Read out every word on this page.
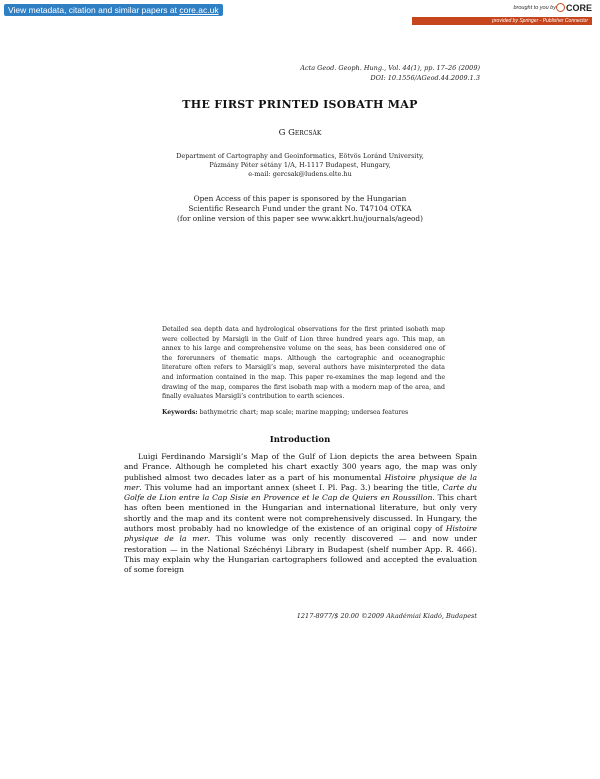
View metadata, citation and similar papers at core.ac.uk	brought to you by	CORE
provided by Springer - Publisher Connector
Acta Geod. Geoph. Hung., Vol. 44(1), pp. 17–26 (2009)
DOI: 10.1556/AGeod.44.2009.1.3
THE FIRST PRINTED ISOBATH MAP
G Gercsák
Department of Cartography and Geoinformatics, Eötvös Loránd University,
Pázmány Péter sétány 1/A, H-1117 Budapest, Hungary,
e-mail: gercsak@ludens.elte.hu
Open Access of this paper is sponsored by the Hungarian
Scientific Research Fund under the grant No. T47104 OTKA
(for online version of this paper see www.akkrt.hu/journals/ageod)
Detailed sea depth data and hydrological observations for the first printed isobath map were collected by Marsigli in the Gulf of Lion three hundred years ago. This map, an annex to his large and comprehensive volume on the seas, has been considered one of the forerunners of thematic maps. Although the cartographic and oceanographic literature often refers to Marsigli’s map, several authors have misinterpreted the data and information contained in the map. This paper re-examines the map legend and the drawing of the map, compares the first isobath map with a modern map of the area, and finally evaluates Marsigli’s contribution to earth sciences.
Keywords: bathymetric chart; map scale; marine mapping; undersea features
Introduction

Luigi Ferdinando Marsigli’s Map of the Gulf of Lion depicts the area between Spain and France. Although he completed his chart exactly 300 years ago, the map was only published almost two decades later as a part of his monumental Histoire physique de la mer. This volume had an important annex (sheet I. Pl. Pag. 3.) bearing the title, Carte du Golfe de Lion entre la Cap Sisie en Provence et le Cap de Quiers en Roussillon. This chart has often been mentioned in the Hungarian and international literature, but only very shortly and the map and its content were not comprehensively discussed. In Hungary, the authors most probably had no knowledge of the existence of an original copy of Histoire physique de la mer. This volume was only recently discovered — and now under restoration — in the National Széchényi Library in Budapest (shelf number App. R. 466). This may explain why the Hungarian cartographers followed and accepted the evaluation of some foreign

1217-8977/$ 20.00 ©2009 Akadémiai Kiadó, Budapest
